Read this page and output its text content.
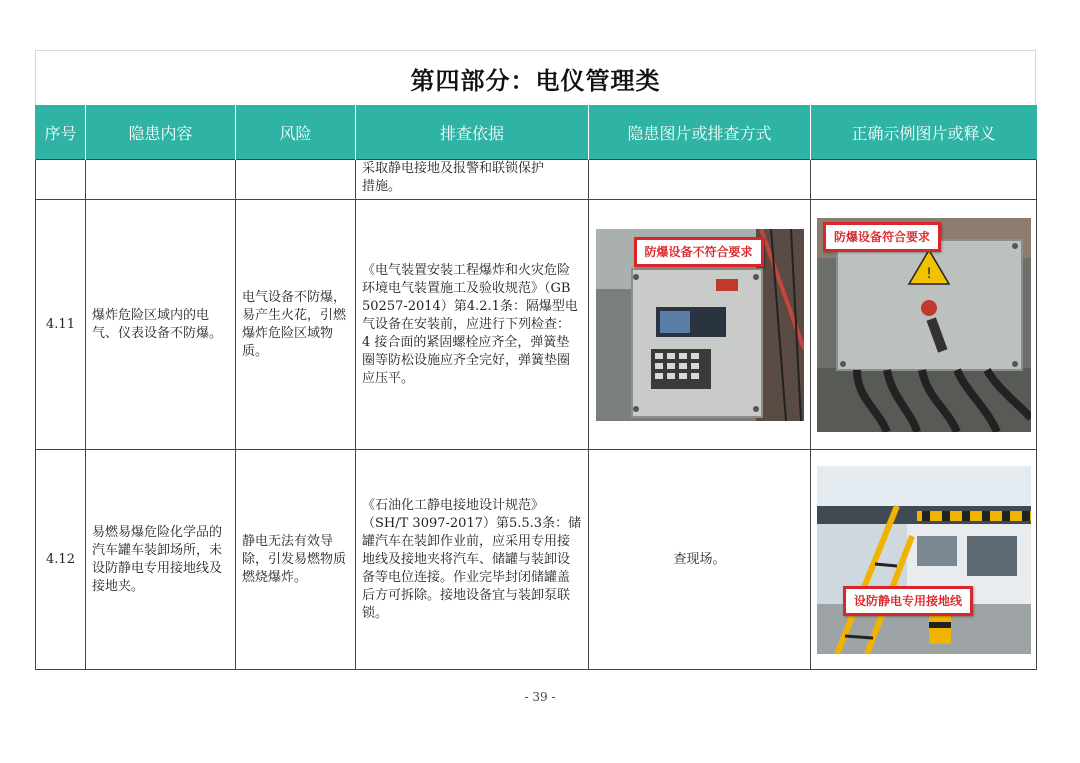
第四部分：电仪管理类
序号	隐患内容	风险	排查依据	隐患图片或排查方式	正确示例图片或释义
			采取静电接地及报警和联锁保护
措施。		
4.11	爆炸危险区域内的电气、仪表设备不防爆。	电气设备不防爆，易产生火花，引燃爆炸危险区域物质。	《电气装置安装工程爆炸和火灾危险环境电气装置施工及验收规范》（GB 50257-2014）第4.2.1条：隔爆型电气设备在安装前，应进行下列检查：
4 接合面的紧固螺栓应齐全，弹簧垫圈等防松设施应齐全完好，弹簧垫圈应压平。	防爆设备不符合要求	!
防爆设备符合要求

4.12	易燃易爆危险化学品的汽车罐车装卸场所，未设防静电专用接地线及接地夹。	静电无法有效导除，引发易燃物质燃烧爆炸。	《石油化工静电接地设计规范》（SH/T 3097-2017）第5.5.3条：储罐汽车在装卸作业前，应采用专用接地线及接地夹将汽车、储罐与装卸设备等电位连接。作业完毕封闭储罐盖后方可拆除。接地设备宜与装卸泵联锁。	查现场。	设防静电专用接地线
- 39 -
